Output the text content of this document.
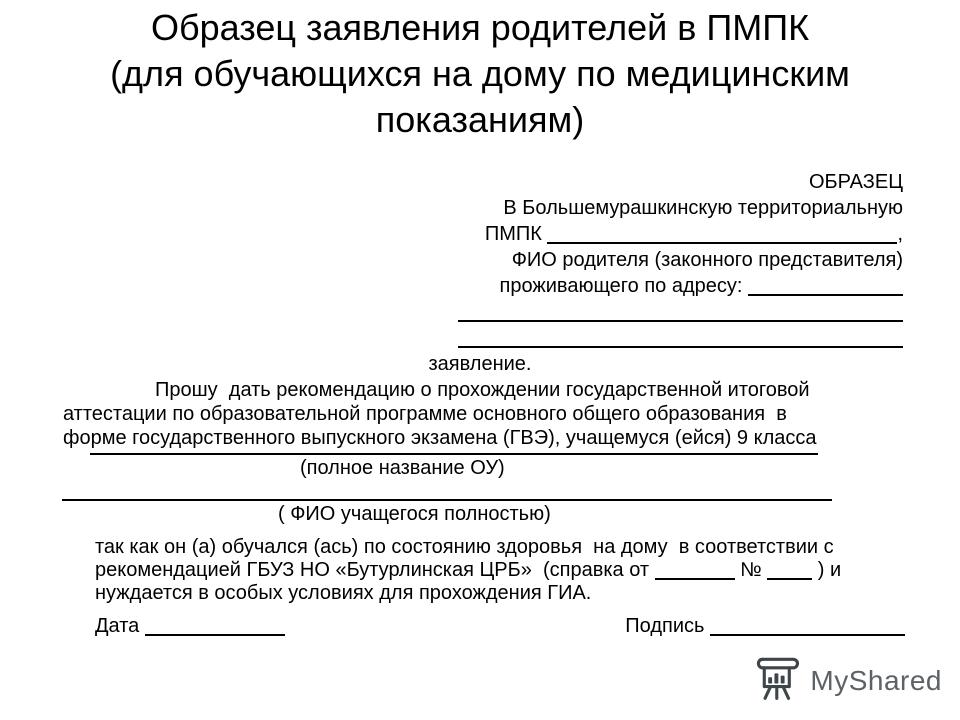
Образец заявления родителей в ПМПК
(для обучающихся на дому по медицинским
показаниям)
ОБРАЗЕЦ
В Большемурашкинскую территориальную
ПМПК	,
ФИО родителя (законного представителя)
проживающего по адресу:
заявление.
Прошу  дать рекомендацию о прохождении государственной итоговой
аттестации по образовательной программе основного общего образования  в
форме государственного выпускного экзамена (ГВЭ), учащемуся (ейся) 9 класса
(полное название ОУ)
( ФИО учащегося полностью)
так как он (а) обучался (ась) по состоянию здоровья  на дому  в соответствии с
рекомендацией ГБУЗ НО «Бутурлинская ЦРБ»  (справка от	№  ) и
нуждается в особых условиях для прохождения ГИА.
Дата	Подпись
MyShared
